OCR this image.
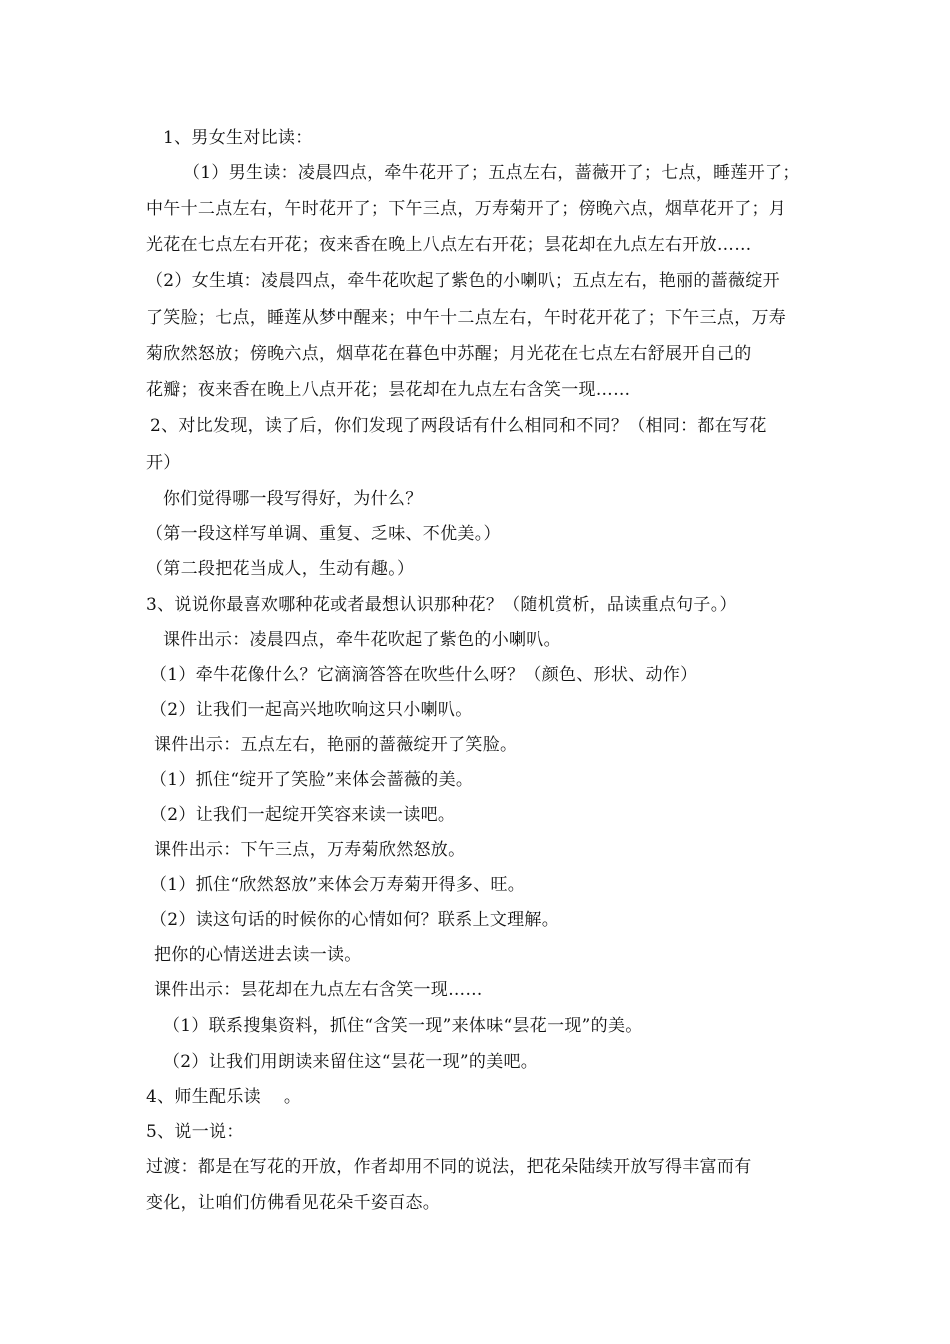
1、男女生对比读：
（1）男生读：凌晨四点，牵牛花开了；五点左右，蔷薇开了；七点，睡莲开了；
中午十二点左右，午时花开了；下午三点，万寿菊开了；傍晚六点，烟草花开了；月
光花在七点左右开花；夜来香在晚上八点左右开花；昙花却在九点左右开放……
（2）女生填：凌晨四点，牵牛花吹起了紫色的小喇叭；五点左右，艳丽的蔷薇绽开
了笑脸；七点，睡莲从梦中醒来；中午十二点左右，午时花开花了；下午三点，万寿
菊欣然怒放；傍晚六点，烟草花在暮色中苏醒；月光花在七点左右舒展开自己的
花瓣；夜来香在晚上八点开花；昙花却在九点左右含笑一现……
2、对比发现，读了后，你们发现了两段话有什么相同和不同？（相同：都在写花
开）
你们觉得哪一段写得好，为什么？
（第一段这样写单调、重复、乏味、不优美。）
（第二段把花当成人，生动有趣。）
3、说说你最喜欢哪种花或者最想认识那种花？（随机赏析，品读重点句子。）
课件出示：凌晨四点，牵牛花吹起了紫色的小喇叭。
（1）牵牛花像什么？它滴滴答答在吹些什么呀？（颜色、形状、动作）
（2）让我们一起高兴地吹响这只小喇叭。
课件出示：五点左右，艳丽的蔷薇绽开了笑脸。
（1）抓住“绽开了笑脸”来体会蔷薇的美。
（2）让我们一起绽开笑容来读一读吧。
课件出示：下午三点，万寿菊欣然怒放。
（1）抓住“欣然怒放”来体会万寿菊开得多、旺。
（2）读这句话的时候你的心情如何？联系上文理解。
把你的心情送进去读一读。
课件出示：昙花却在九点左右含笑一现……
（1）联系搜集资料，抓住“含笑一现”来体味“昙花一现”的美。
（2）让我们用朗读来留住这“昙花一现”的美吧。
4、师生配乐读　 。
5、说一说：
过渡：都是在写花的开放，作者却用不同的说法，把花朵陆续开放写得丰富而有
变化，让咱们仿佛看见花朵千姿百态。
